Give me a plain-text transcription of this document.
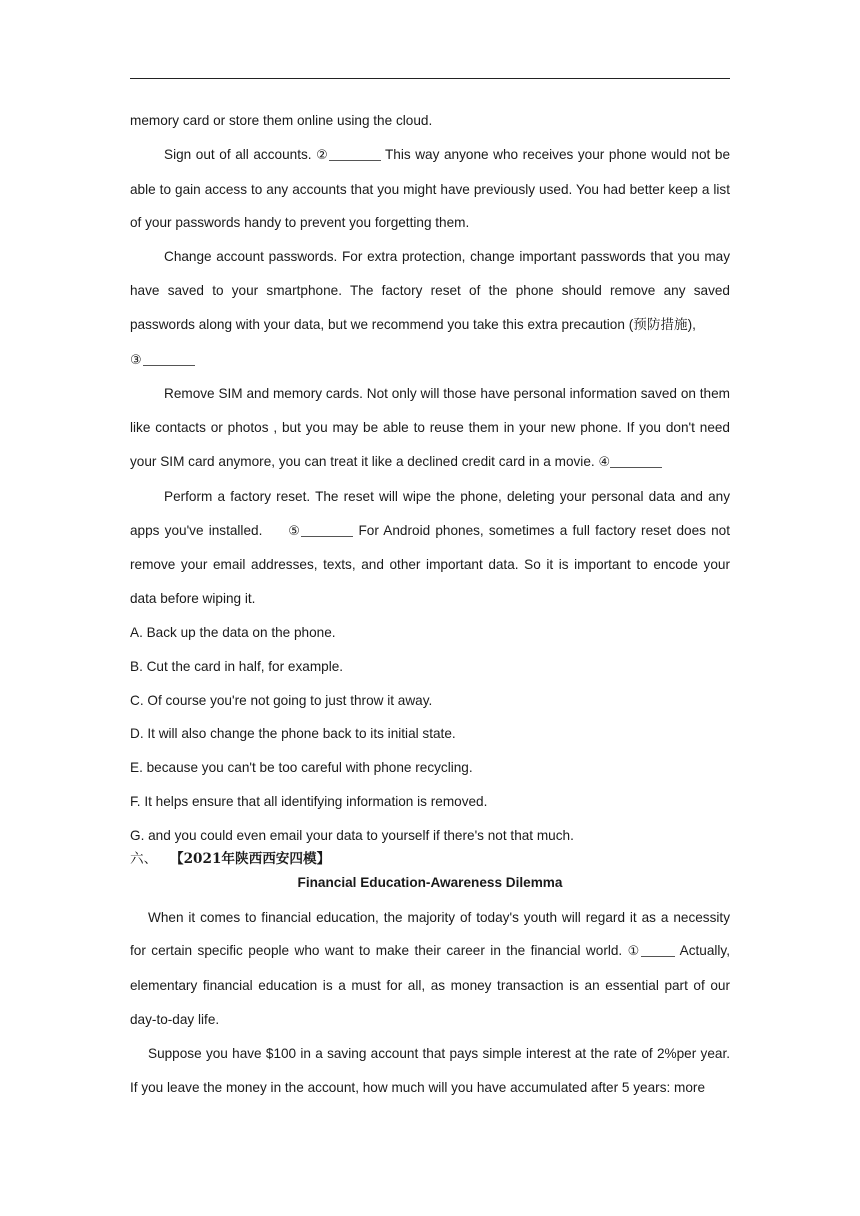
memory card or store them online using the cloud.

Sign out of all accounts. ②	This way anyone who receives your phone would not be able to gain access to any accounts that you might have previously used. You had better keep a list of your passwords handy to prevent you forgetting them.

Change account passwords. For extra protection, change important passwords that you may have saved to your smartphone. The factory reset of the phone should remove any saved passwords along with your data, but we recommend you take this extra precaution (预防措施),
③

Remove SIM and memory cards. Not only will those have personal information saved on them like contacts or photos , but you may be able to reuse them in your new phone. If you don't need your SIM card anymore, you can treat it like a declined credit card in a movie. ④

Perform a factory reset. The reset will wipe the phone, deleting your personal data and any apps you've installed.     ⑤	For Android phones, sometimes a full factory reset does not remove your email addresses, texts, and other important data. So it is important to encode your data before wiping it.

A. Back up the data on the phone.

B. Cut the card in half, for example.

C. Of course you're not going to just throw it away.

D. It will also change the phone back to its initial state.

E. because you can't be too careful with phone recycling.

F. It helps ensure that all identifying information is removed.

G. and you could even email your data to yourself if there's not that much.

六、 【2021年陕西西安四模】

Financial Education-Awareness Dilemma

When it comes to financial education, the majority of today's youth will regard it as a necessity for certain specific people who want to make their career in the financial world. ①	Actually, elementary financial education is a must for all, as money transaction is an essential part of our day-to-day life.

Suppose you have $100 in a saving account that pays simple interest at the rate of 2%per year. If you leave the money in the account, how much will you have accumulated after 5 years: more
